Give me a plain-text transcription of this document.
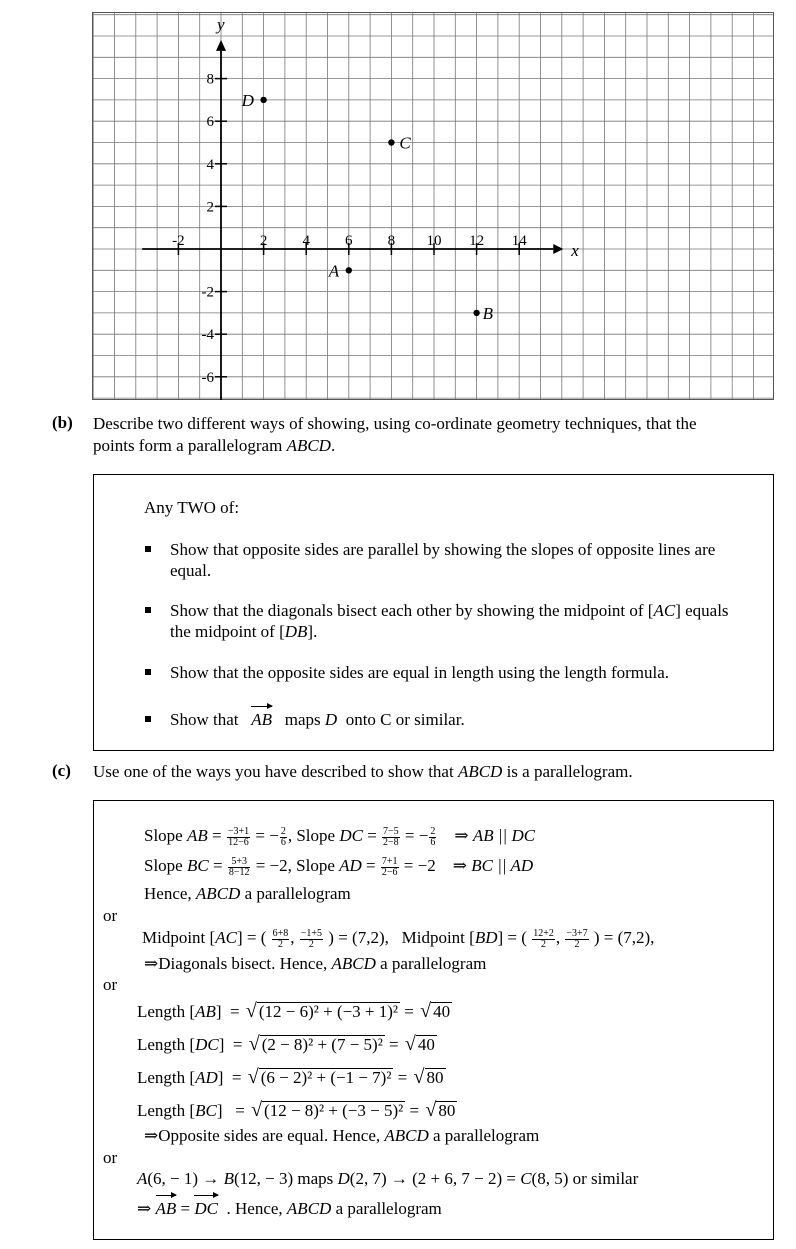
x
y
-2	2 4 6 8 10 12 14
8
6
4
2
-2
-4
-6
A
B
C
D
(b) Describe two different ways of showing, using co-ordinate geometry techniques, that the
points form a parallelogram ABCD.
Any TWO of:
Show that opposite sides are parallel by showing the slopes of opposite lines are
equal.
Show that the diagonals bisect each other by showing the midpoint of [AC] equals
the midpoint of [DB].
Show that the opposite sides are equal in length using the length formula.
Show that AB maps D onto C or similar.
(c) Use one of the ways you have described to show that ABCD is a parallelogram.
Slope AB = $\frac{-3+1}{12-6}$ = − $\frac{2}{6}$ , Slope DC = $\frac{7-5}{2-8}$ = − $\frac{2}{6}$ ⇒ AB || DC
Slope BC = $\frac{5+3}{8-12} = -2$, Slope AD = $\frac{7+1}{2-6} = -2$    ⇒ BC || AD
Hence, ABCD a parallelogram
or
Midpoint [AC] = ( $\frac{6+8}{2}$ , $\frac{-1+5}{2}$ ) = (7,2), Midpoint [BD] = ( $\frac{12+2}{2}$ , $\frac{-3+7}{2}$ ) = (7,2),
⇒Diagonals bisect. Hence, ABCD a parallelogram
or
Length [AB]  = √ (12 − 6)² + (−3 + 1)² = √ 40
Length [DC]  = √ (2 − 8)² + (7 − 5)² = √ 40
Length [AD]  = √ (6 − 2)² + (−1 − 7)² = √ 80
Length [BC]   = √ (12 − 8)² + (−3 − 5)² = √ 80
⇒Opposite sides are equal. Hence, ABCD a parallelogram
or
A(6, − 1) → B(12, − 3) maps D(2, 7) → (2 + 6, 7 − 2) = C(8, 5) or similar
⇒ AB = DC . Hence, ABCD a parallelogram
